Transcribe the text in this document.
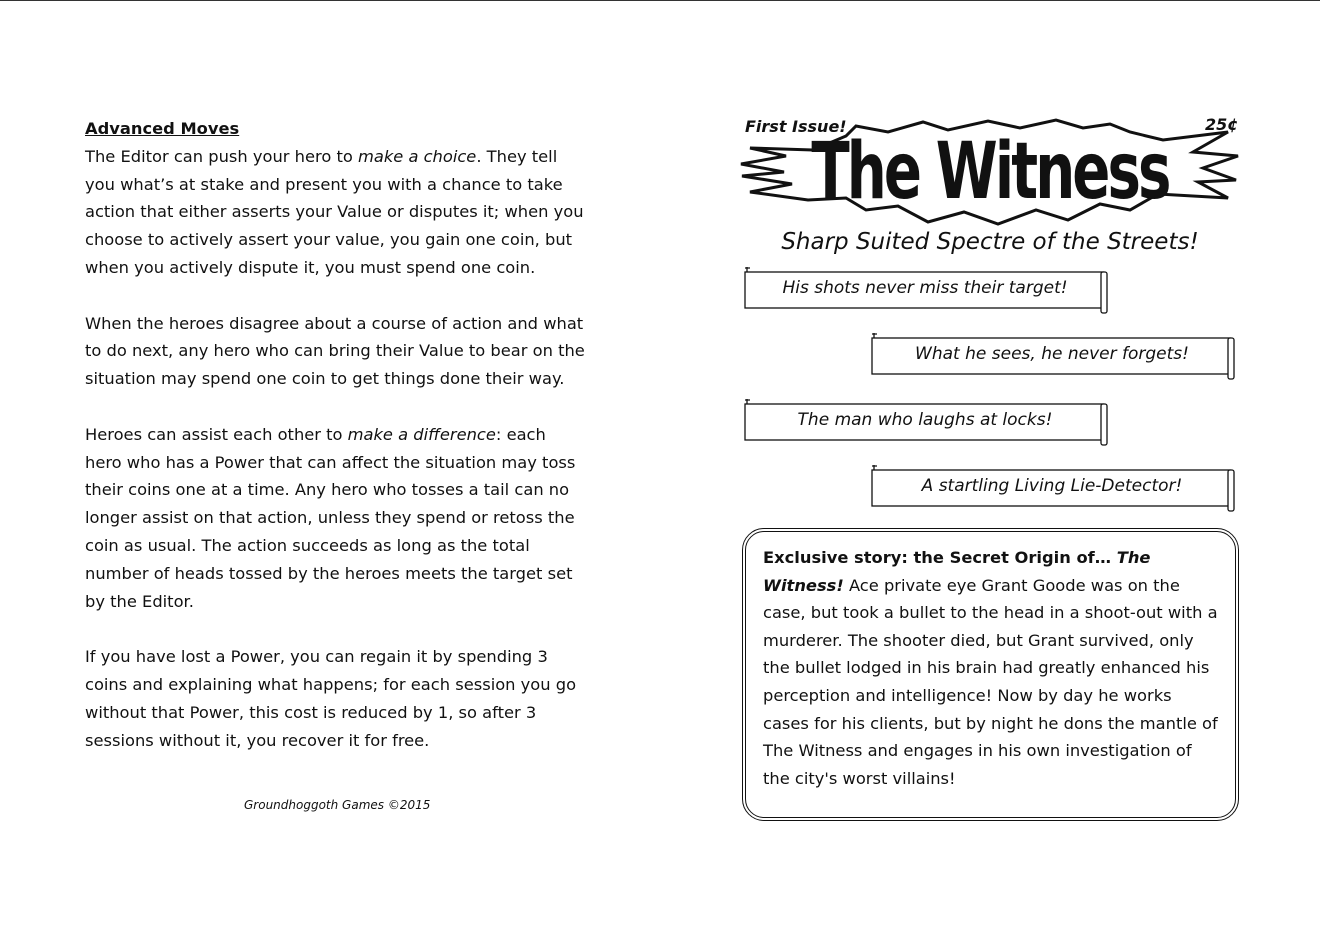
Advanced Moves
The Editor can push your hero to make a choice. They tell you what’s at stake and present you with a chance to take action that either asserts your Value or disputes it; when you choose to actively assert your value, you gain one coin, but when you actively dispute it, you must spend one coin.

When the heroes disagree about a course of action and what to do next, any hero who can bring their Value to bear on the situation may spend one coin to get things done their way.

Heroes can assist each other to make a difference: each hero who has a Power that can affect the situation may toss their coins one at a time. Any hero who tosses a tail can no longer assist on that action, unless they spend or retoss the coin as usual. The action succeeds as long as the total number of heads tossed by the heroes meets the target set by the Editor.

If you have lost a Power, you can regain it by spending 3 coins and explaining what happens; for each session you go without that Power, this cost is reduced by 1, so after 3 sessions without it, you recover it for free.

Groundhoggoth Games ©2015
First Issue!	25¢
The Witness
Sharp Suited Spectre of the Streets!
His shots never miss their target!
What he sees, he never forgets!
The man who laughs at locks!
A startling Living Lie-Detector!
Exclusive story: the Secret Origin of… The Witness! Ace private eye Grant Goode was on the case, but took a bullet to the head in a shoot-out with a murderer. The shooter died, but Grant survived, only the bullet lodged in his brain had greatly enhanced his perception and intelligence! Now by day he works cases for his clients, but by night he dons the mantle of The Witness and engages in his own investigation of the city's worst villains!
